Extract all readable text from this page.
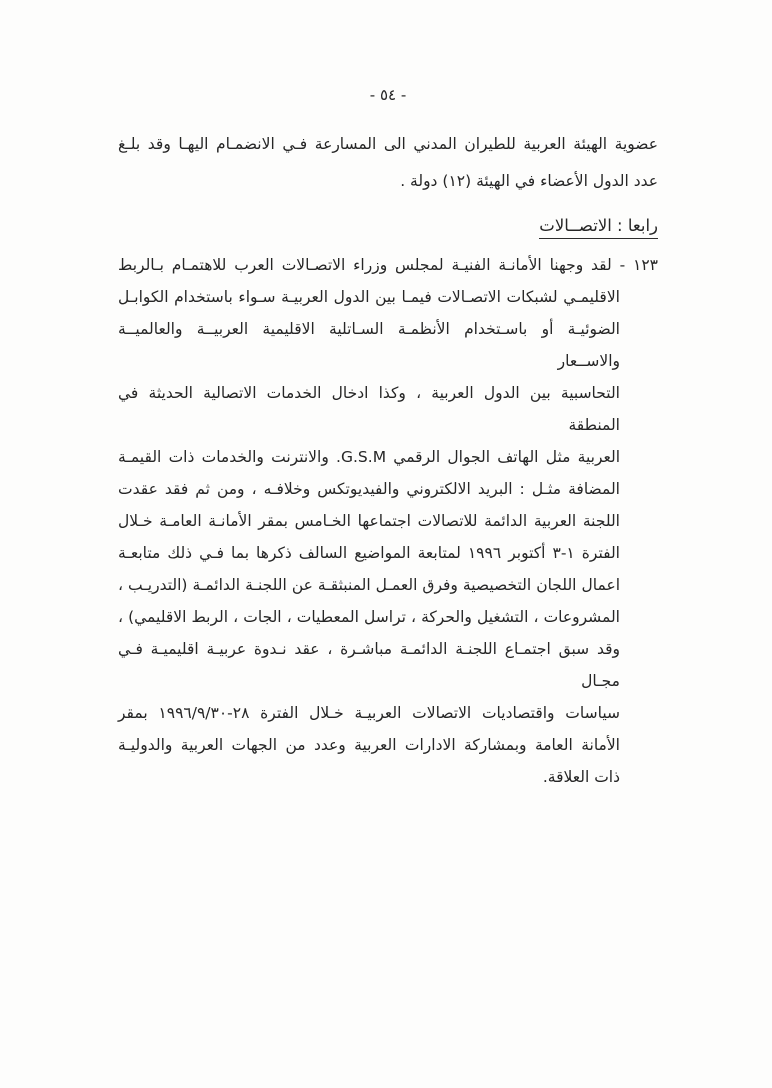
- ٥٤ -
عضوية الهيئة العربية للطيران المدني الى المسارعة فـي الانضمـام اليهـا وقد بلـغ
عدد الدول الأعضاء في الهيئة (١٢) دولة .
رابعا : الاتصــالات
١٢٣ - لقد وجهنا الأمانـة الفنيـة لمجلس وزراء الاتصـالات العرب للاهتمـام بـالربط
الاقليمـي لشبكات الاتصـالات فيمـا بين الدول العربيـة سـواء باستخدام الكوابـل
الضوئيـة أو باسـتخدام الأنظمـة السـاتلية الاقليمية العربيــة والعالميــة والاســعار
التحاسبية بين الدول العربية ، وكذا ادخال الخدمات الاتصالية الحديثة في المنطقة
العربية مثل الهاتف الجوال الرقمي G.S.M. والانترنت والخدمات ذات القيمـة
المضافة مثـل : البريد الالكتروني والفيديوتكس وخلافـه ، ومن ثم فقد عقدت
اللجنة العربية الدائمة للاتصالات اجتماعها الخـامس بمقر الأمانـة العامـة خـلال
الفترة ١-٣ أكتوبر ١٩٩٦ لمتابعة المواضيع السالف ذكرها بما فـي ذلك متابعـة
اعمال اللجان التخصيصية وفرق العمـل المنبثقـة عن اللجنـة الدائمـة (التدريـب ،
المشروعات ، التشغيل والحركة ، تراسل المعطيات ، الجات ، الربط الاقليمي) ،
وقد سبق اجتمـاع اللجنـة الدائمـة مباشـرة ، عقد نـدوة عربيـة اقليميـة فـي مجـال
سياسات واقتصاديات الاتصالات العربيـة خـلال الفترة ٢٨-١٩٩٦/٩/٣٠ بمقر
الأمانة العامة وبمشاركة الادارات العربية وعدد من الجهات العربية والدوليـة
ذات العلاقة.
